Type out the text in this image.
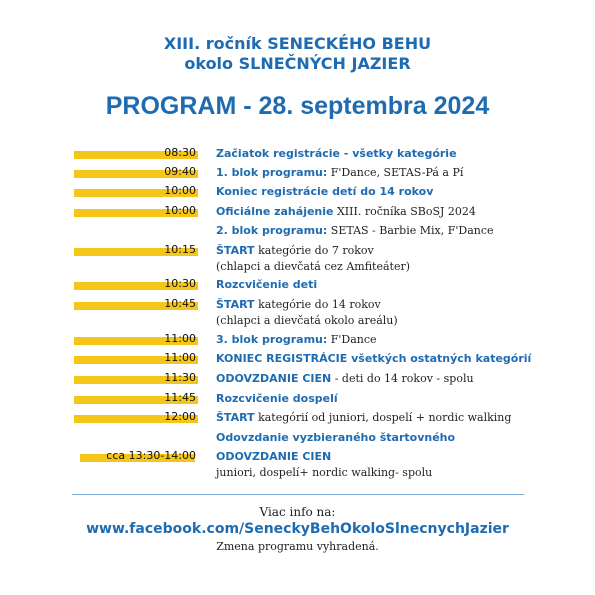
XIII. ročník SENECKÉHO BEHU
okolo SLNEČNÝCH JAZIER
PROGRAM - 28. septembra 2024
08:30 Začiatok registrácie - všetky kategórie
09:40 1. blok programu: F'Dance, SETAS-Pá a Pí
10:00 Koniec registrácie detí do 14 rokov
10:00 Oficiálne zahájenie XIII. ročníka SBoSJ 2024
2. blok programu: SETAS - Barbie Mix, F'Dance
10:15 ŠTART kategórie do 7 rokov
(chlapci a dievčatá cez Amfiteáter)
10:30 Rozcvičenie deti
10:45 ŠTART kategórie do 14 rokov
(chlapci a dievčatá okolo areálu)
11:00 3. blok programu: F'Dance
11:00 KONIEC REGISTRÁCIE všetkých ostatných kategórií
11:30 ODOVZDANIE CIEN - deti do 14 rokov - spolu
11:45 Rozcvičenie dospelí
12:00 ŠTART kategórií od juniori, dospelí + nordic walking
Odovzdanie vyzbieraného štartovného
cca 13:30-14:00 ODOVZDANIE CIEN
juniori, dospelí+ nordic walking- spolu
Viac info na:
www.facebook.com/SeneckyBehOkoloSlnecnychJazier
Zmena programu vyhradená.
